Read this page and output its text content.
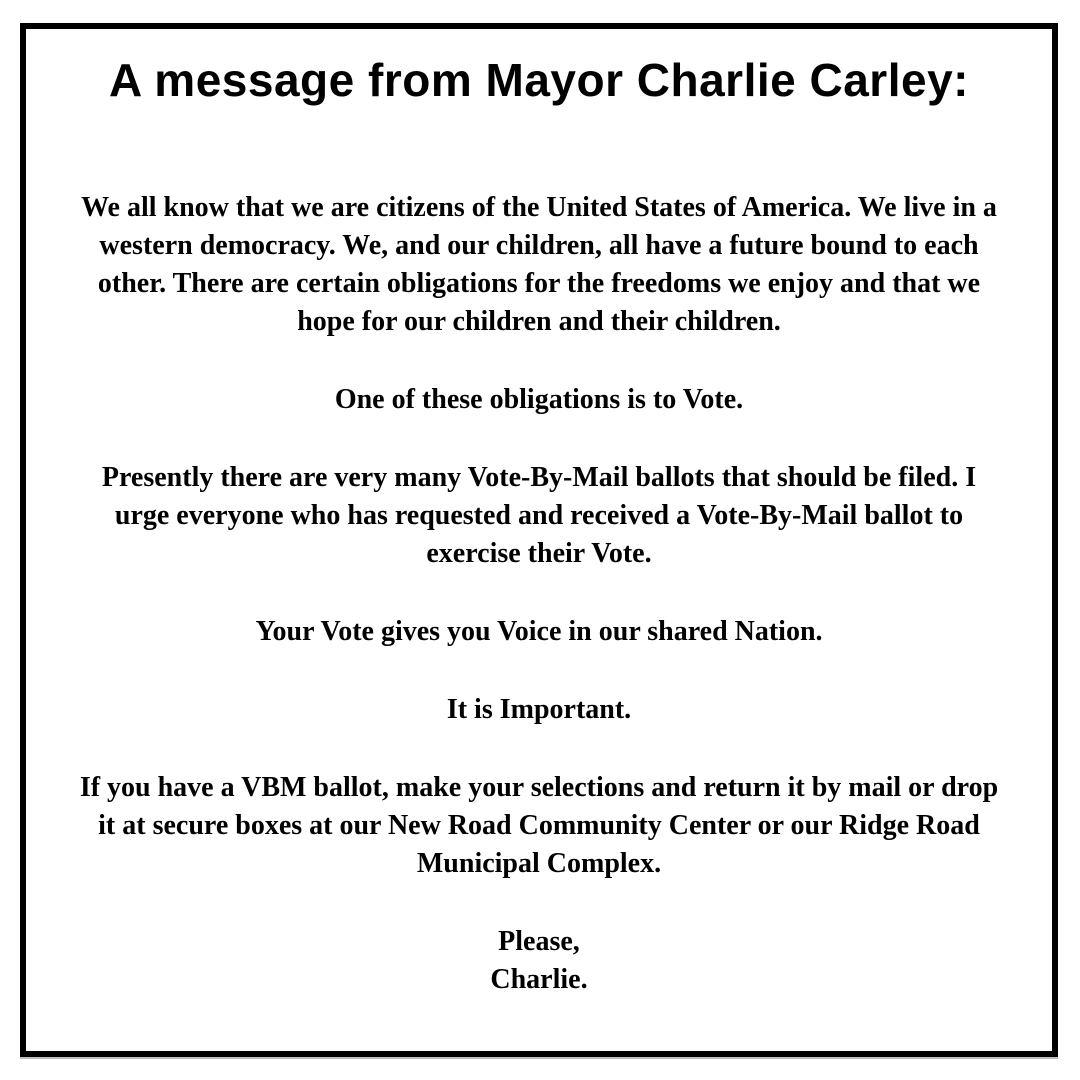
A message from Mayor Charlie Carley:

We all know that we are citizens of the United States of America. We live in a western democracy. We, and our children, all have a future bound to each other. There are certain obligations for the freedoms we enjoy and that we hope for our children and their children.

One of these obligations is to Vote.

Presently there are very many Vote-By-Mail ballots that should be filed. I urge everyone who has requested and received a Vote-By-Mail ballot to exercise their Vote.

Your Vote gives you Voice in our shared Nation.

It is Important.

If you have a VBM ballot, make your selections and return it by mail or drop it at secure boxes at our New Road Community Center or our Ridge Road Municipal Complex.

Please,
Charlie.
